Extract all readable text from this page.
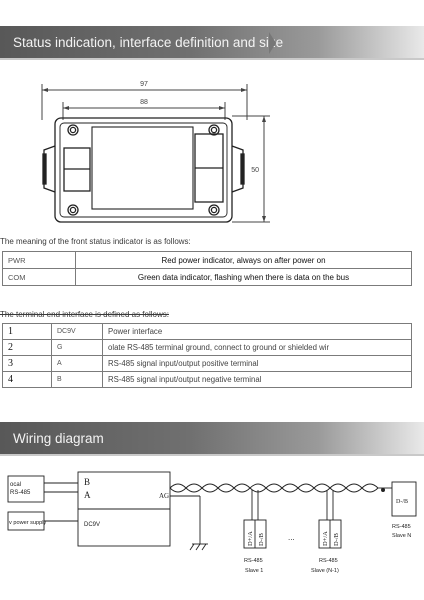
Status indication, interface definition and size
97
88
50
The meaning of the front status indicator is as follows:
PWR	Red power indicator, always on after power on
COM	Green data indicator, flashing when there is data on the bus
The terminal end interface is defined as follows:
1	DC9V	Power interface
2	G	olate RS-485 terminal ground, connect to ground or shielded wir
3	A	RS-485 signal input/output positive terminal
4	B	RS-485 signal input/output negative terminal
Wiring diagram
ocal RS-485
v power supply
B
A	AG
DC9V
D+/A D-/B
RS-485
Slave 1
...	D+/A D-/B
RS-485
Slave (N-1)
D-/B
RS-485
Slave N
